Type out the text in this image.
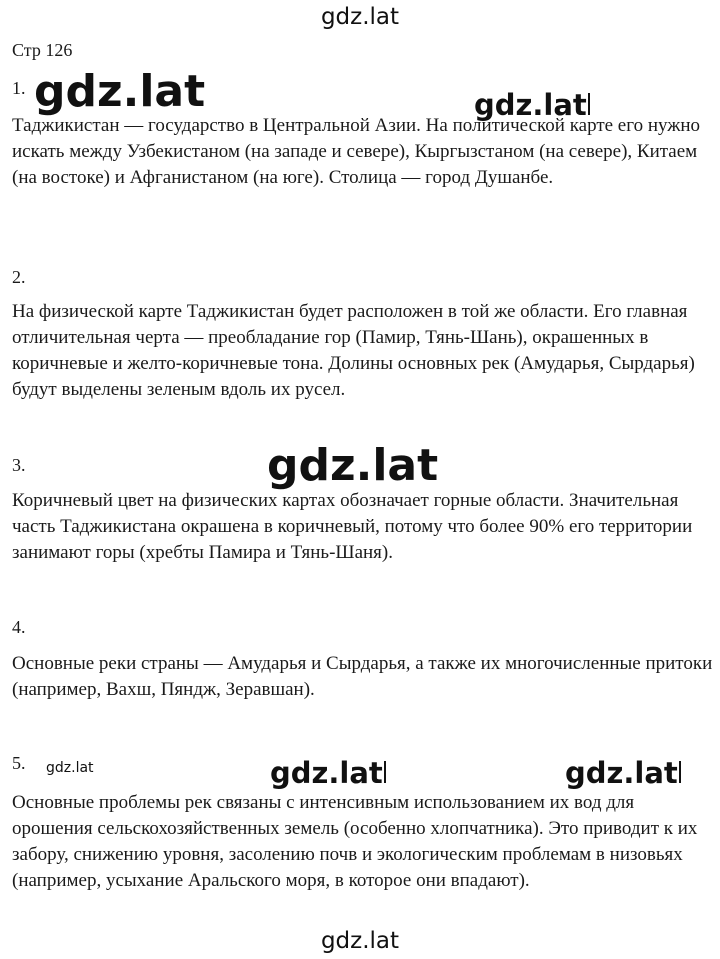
gdz.lat
Стр 126
1. gdz.lat	gdz.lat

Таджикистан — государство в Центральной Азии. На политической карте его нужно искать между Узбекистаном (на западе и севере), Кыргызстаном (на севере), Китаем (на востоке) и Афганистаном (на юге). Столица — город Душанбе.

2.

На физической карте Таджикистан будет расположен в той же области. Его главная отличительная черта — преобладание гор (Памир, Тянь-Шань), окрашенных в коричневые и желто-коричневые тона. Долины основных рек (Амударья, Сырдарья) будут выделены зеленым вдоль их русел.

3.	gdz.lat

Коричневый цвет на физических картах обозначает горные области. Значительная часть Таджикистана окрашена в коричневый, потому что более 90% его территории занимают горы (хребты Памира и Тянь-Шаня).

4.

Основные реки страны — Амударья и Сырдарья, а также их многочисленные притоки (например, Вахш, Пяндж, Зеравшан).

5. gdz.lat	gdz.lat	gdz.lat

Основные проблемы рек связаны с интенсивным использованием их вод для орошения сельскохозяйственных земель (особенно хлопчатника). Это приводит к их забору, снижению уровня, засолению почв и экологическим проблемам в низовьях (например, усыхание Аральского моря, в которое они впадают).

gdz.lat
